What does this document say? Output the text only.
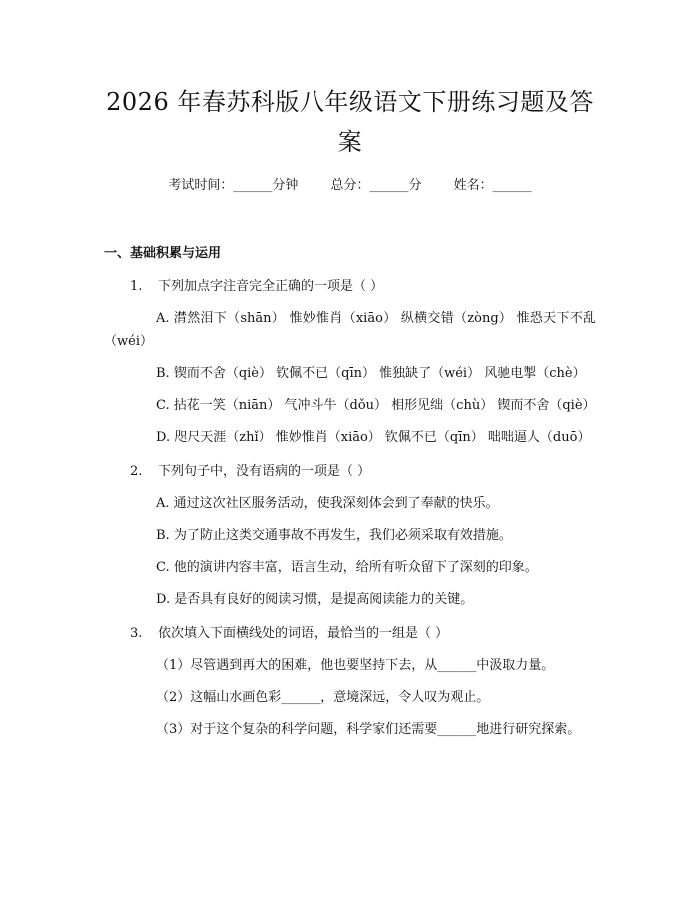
2026 年春苏科版八年级语文下册练习题及答案
考试时间：______分钟 总分：______分 姓名：______
一、基础积累与运用
1. 下列加点字注音完全正确的一项是（ ）
A. 潸然泪下（shān） 惟妙惟肖（xiāo） 纵横交错（zòng） 惟恐天下不乱（wéi）
B. 锲而不舍（qiè） 钦佩不已（qīn） 惟独缺了（wéi） 风驰电掣（chè）
C. 拈花一笑（niān） 气冲斗牛（dǒu） 相形见绌（chù） 锲而不舍（qiè）
D. 咫尺天涯（zhǐ） 惟妙惟肖（xiāo） 钦佩不已（qīn） 咄咄逼人（duō）
2. 下列句子中，没有语病的一项是（ ）
A. 通过这次社区服务活动，使我深刻体会到了奉献的快乐。
B. 为了防止这类交通事故不再发生，我们必须采取有效措施。
C. 他的演讲内容丰富，语言生动，给所有听众留下了深刻的印象。
D. 是否具有良好的阅读习惯，是提高阅读能力的关键。
3. 依次填入下面横线处的词语，最恰当的一组是（ ）
（1）尽管遇到再大的困难，他也要坚持下去，从______中汲取力量。
（2）这幅山水画色彩______，意境深远，令人叹为观止。
（3）对于这个复杂的科学问题，科学家们还需要______地进行研究探索。
